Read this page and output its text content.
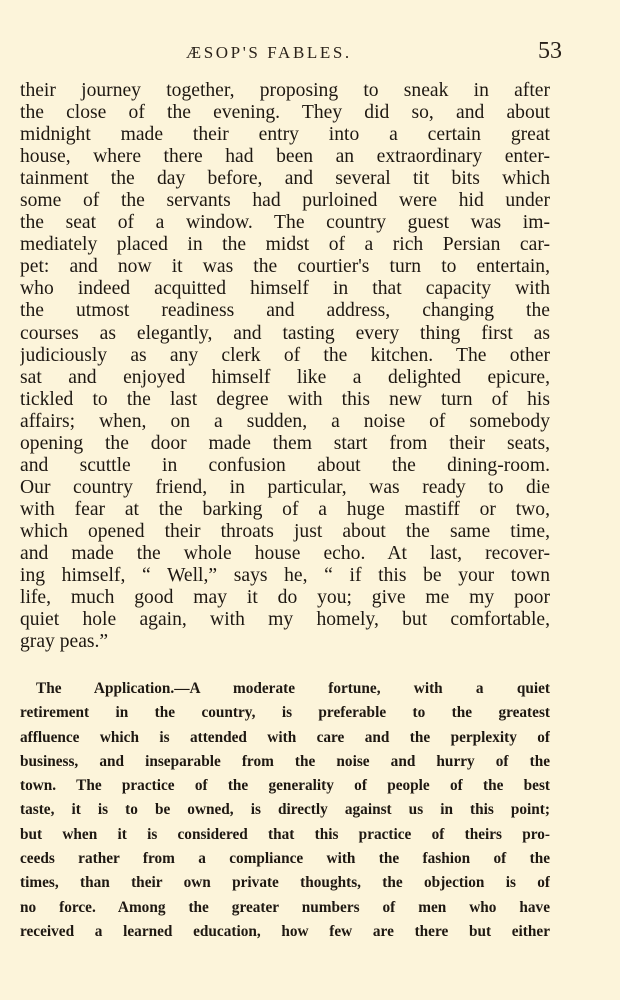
ÆSOP'S FABLES.	53
their journey together, proposing to sneak in after
the close of the evening. They did so, and about
midnight made their entry into a certain great
house, where there had been an extraordinary enter-
tainment the day before, and several tit bits which
some of the servants had purloined were hid under
the seat of a window. The country guest was im-
mediately placed in the midst of a rich Persian car-
pet: and now it was the courtier's turn to entertain,
who indeed acquitted himself in that capacity with
the utmost readiness and address, changing the
courses as elegantly, and tasting every thing first as
judiciously as any clerk of the kitchen. The other
sat and enjoyed himself like a delighted epicure,
tickled to the last degree with this new turn of his
affairs; when, on a sudden, a noise of somebody
opening the door made them start from their seats,
and scuttle in confusion about the dining-room.
Our country friend, in particular, was ready to die
with fear at the barking of a huge mastiff or two,
which opened their throats just about the same time,
and made the whole house echo. At last, recover-
ing himself, “ Well,” says he, “ if this be your town
life, much good may it do you; give me my poor
quiet hole again, with my homely, but comfortable,
gray peas.”
The Application.—A moderate fortune, with a quiet
retirement in the country, is preferable to the greatest
affluence which is attended with care and the perplexity of
business, and inseparable from the noise and hurry of the
town. The practice of the generality of people of the best
taste, it is to be owned, is directly against us in this point;
but when it is considered that this practice of theirs pro-
ceeds rather from a compliance with the fashion of the
times, than their own private thoughts, the objection is of
no force. Among the greater numbers of men who have
received a learned education, how few are there but either
